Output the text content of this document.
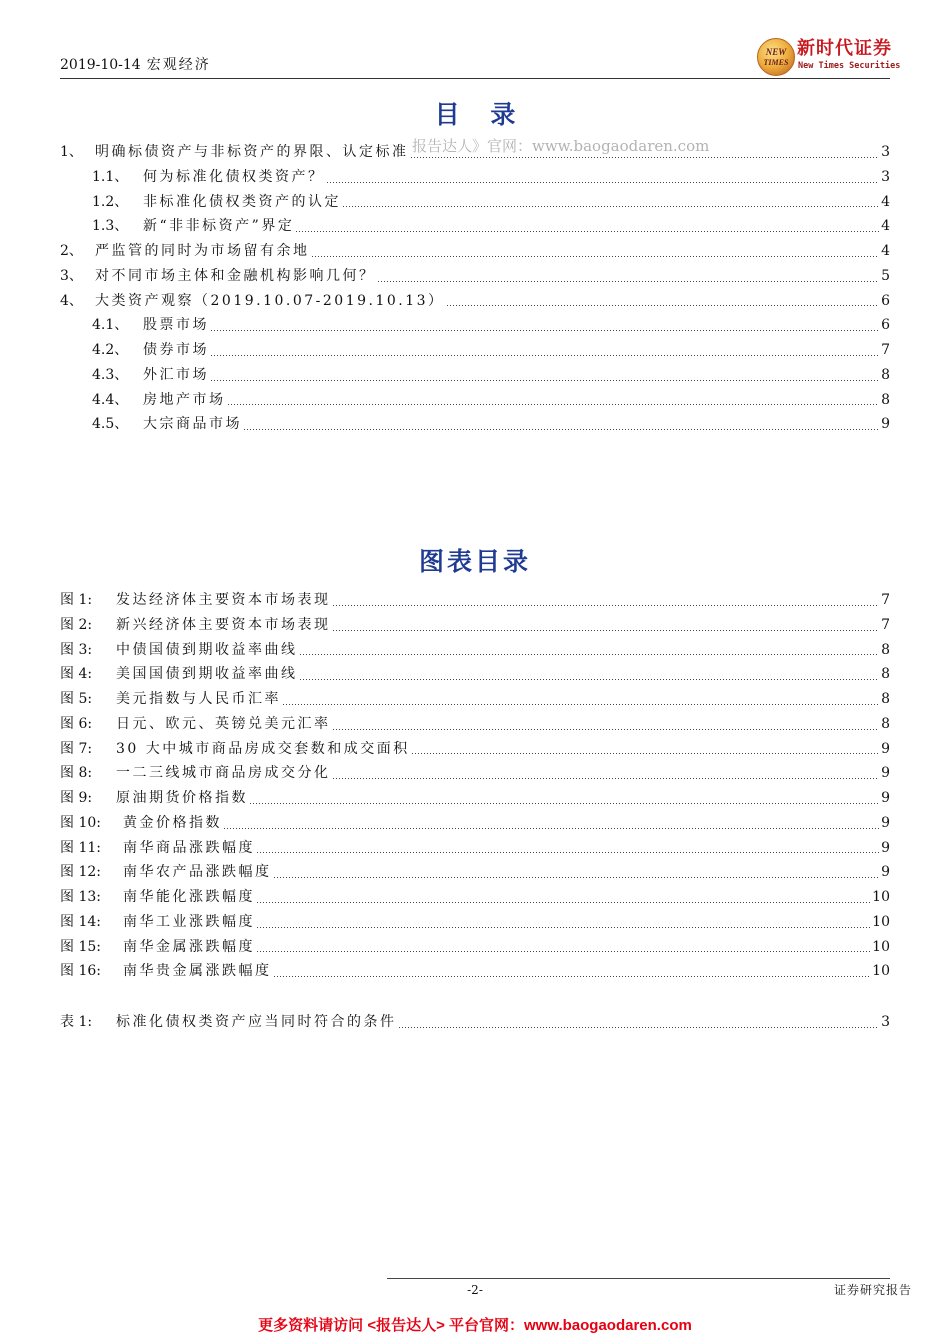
2019-10-14 宏观经济
NEW
TIMES
新时代证券
New Times Securities
目 录
1、 明确标债资产与非标资产的界限、认定标准	3
1.1、	何为标准化债权类资产？	3
1.2、	非标准化债权类资产的认定	4
1.3、	新“非非标资产”界定	4
2、 严监管的同时为市场留有余地	4
3、 对不同市场主体和金融机构影响几何？	5
4、 大类资产观察（2019.10.07-2019.10.13）	6
4.1、	股票市场	6
4.2、	债券市场	7
4.3、	外汇市场	8
4.4、	房地产市场	8
4.5、	大宗商品市场	9
报告达人》官网：www.baogaodaren.com
图表目录
图 1:	发达经济体主要资本市场表现	7
图 2:	新兴经济体主要资本市场表现	7
图 3:	中债国债到期收益率曲线	8
图 4:	美国国债到期收益率曲线	8
图 5:	美元指数与人民币汇率	8
图 6:	日元、欧元、英镑兑美元汇率	8
图 7:	30 大中城市商品房成交套数和成交面积	9
图 8:	一二三线城市商品房成交分化	9
图 9:	原油期货价格指数	9
图 10:	黄金价格指数	9
图 11:	南华商品涨跌幅度	9
图 12:	南华农产品涨跌幅度	9
图 13:	南华能化涨跌幅度	10
图 14:	南华工业涨跌幅度	10
图 15:	南华金属涨跌幅度	10
图 16:	南华贵金属涨跌幅度	10
表 1:	标准化债权类资产应当同时符合的条件	3
-2-	证券研究报告
更多资料请访问 <报告达人> 平台官网：www.baogaodaren.com
